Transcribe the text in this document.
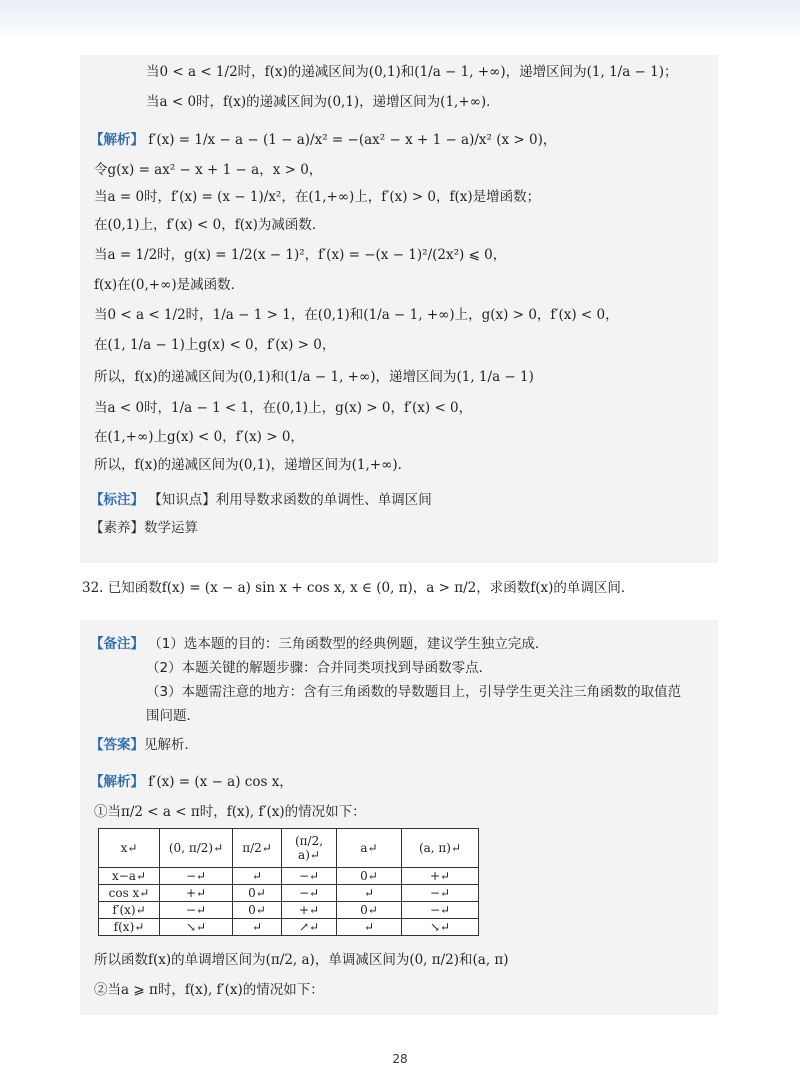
当0 < a < 1/2时，f(x)的递减区间为(0,1)和(1/a − 1, +∞)，递增区间为(1, 1/a − 1)；
当a < 0时，f(x)的递减区间为(0,1)，递增区间为(1,+∞)．
【解析】 f′(x) = 1/x − a − (1 − a)/x² = −(ax² − x + 1 − a)/x² (x > 0)，
令g(x) = ax² − x + 1 − a，x > 0，
当a = 0时，f′(x) = (x − 1)/x²，在(1,+∞)上，f′(x) > 0，f(x)是增函数；
在(0,1)上，f′(x) < 0，f(x)为减函数．
当a = 1/2时，g(x) = 1/2(x − 1)²，f′(x) = −(x − 1)²/(2x²) ⩽ 0，
f(x)在(0,+∞)是减函数．
当0 < a < 1/2时，1/a − 1 > 1，在(0,1)和(1/a − 1, +∞)上，g(x) > 0，f′(x) < 0，
在(1, 1/a − 1)上g(x) < 0，f′(x) > 0，
所以，f(x)的递减区间为(0,1)和(1/a − 1, +∞)，递增区间为(1, 1/a − 1)
当a < 0时，1/a − 1 < 1，在(0,1)上，g(x) > 0，f′(x) < 0，
在(1,+∞)上g(x) < 0，f′(x) > 0，
所以，f(x)的递减区间为(0,1)，递增区间为(1,+∞)．
【标注】 【知识点】利用导数求函数的单调性、单调区间
【素养】数学运算
32. 已知函数f(x) = (x − a) sin x + cos x, x ∈ (0, π)，a > π/2，求函数f(x)的单调区间．
【备注】 （1）选本题的目的：三角函数型的经典例题，建议学生独立完成．
（2）本题关键的解题步骤：合并同类项找到导函数零点．
（3）本题需注意的地方：含有三角函数的导数题目上，引导学生更关注三角函数的取值范
围问题．
【答案】见解析．
【解析】 f′(x) = (x − a) cos x，
①当π/2 < a < π时，f(x), f′(x)的情况如下：
所以函数f(x)的单调增区间为(π/2, a)，单调减区间为(0, π/2)和(a, π)
②当a ⩾ π时，f(x), f′(x)的情况如下：
x↵	(0, π/2)↵	π/2↵	(π/2, a)↵	a↵	(a, π)↵
x−a↵	−↵	↵	−↵	0↵	+↵
cos x↵	+↵	0↵	−↵	↵	−↵
f′(x)↵	−↵	0↵	+↵	0↵	−↵
f(x)↵	↘↵	↵	↗↵	↵	↘↵
28
